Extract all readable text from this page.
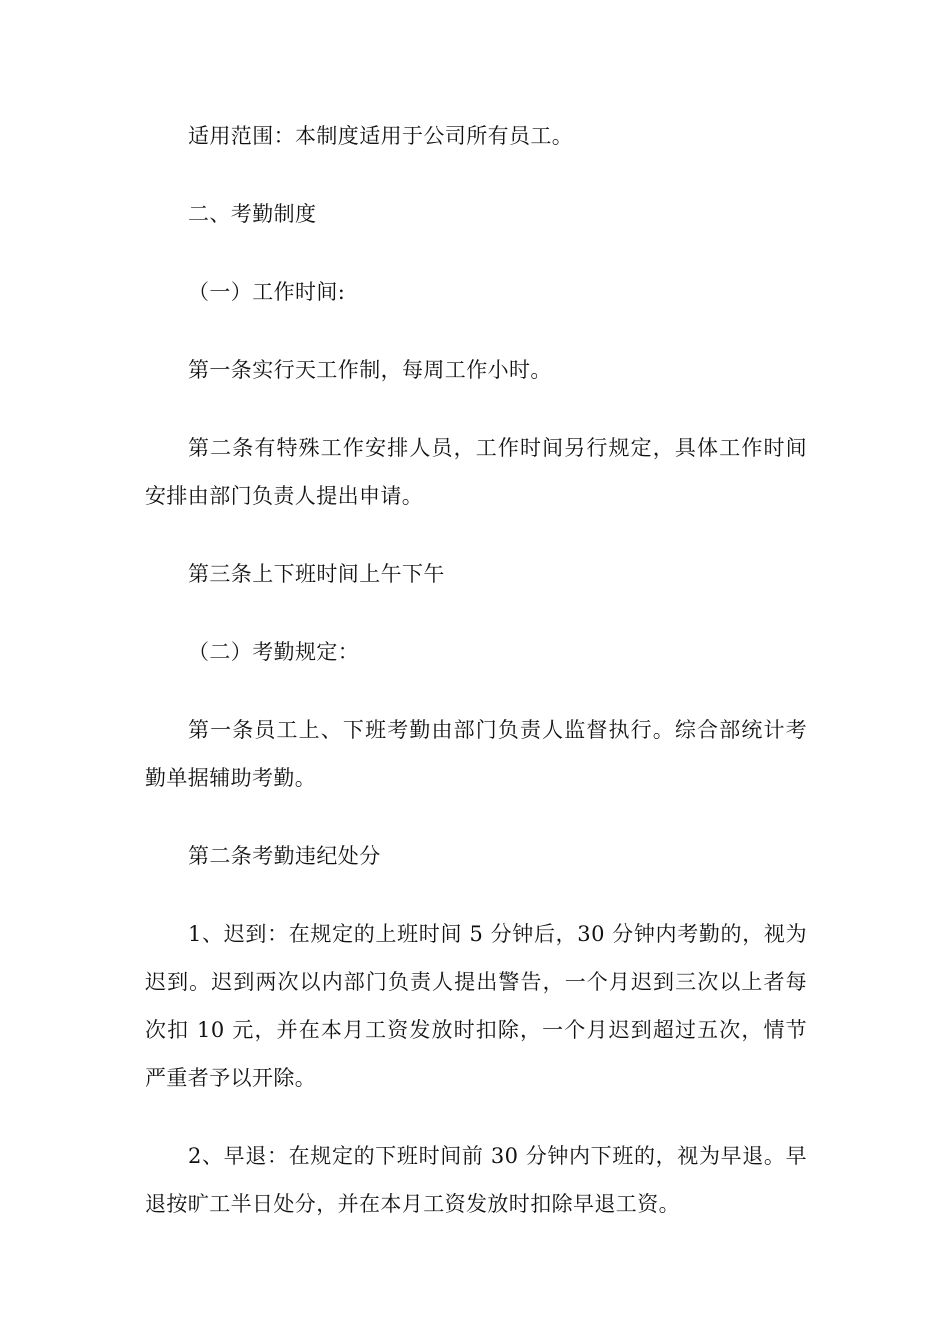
适用范围：本制度适用于公司所有员工。

二、考勤制度

（一）工作时间:

第一条实行天工作制，每周工作小时。

第二条有特殊工作安排人员，工作时间另行规定，具体工作时间安排由部门负责人提出申请。

第三条上下班时间上午下午

（二）考勤规定：

第一条员工上、下班考勤由部门负责人监督执行。综合部统计考勤单据辅助考勤。

第二条考勤违纪处分

1、迟到：在规定的上班时间 5 分钟后，30 分钟内考勤的，视为迟到。迟到两次以内部门负责人提出警告，一个月迟到三次以上者每次扣 10 元，并在本月工资发放时扣除，一个月迟到超过五次，情节严重者予以开除。

2、早退：在规定的下班时间前 30 分钟内下班的，视为早退。早退按旷工半日处分，并在本月工资发放时扣除早退工资。
